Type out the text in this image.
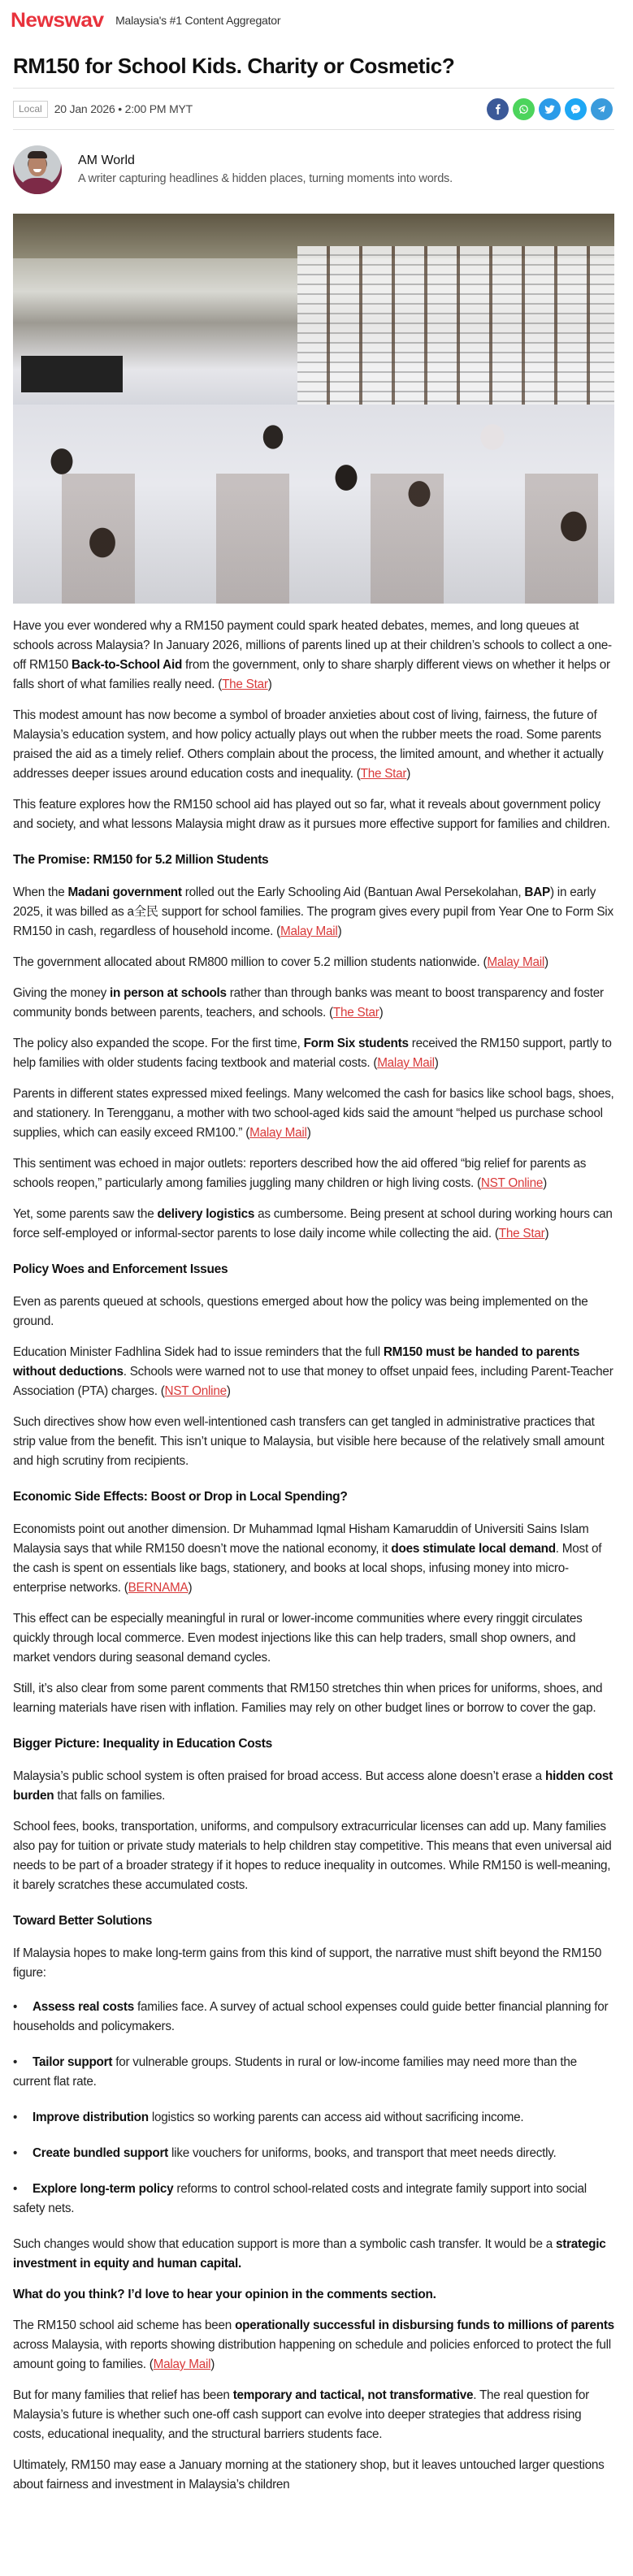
Newswav Malaysia's #1 Content Aggregator
RM150 for School Kids. Charity or Cosmetic?
Local	20 Jan 2026 • 2:00 PM MYT
AM World
A writer capturing headlines & hidden places, turning moments into words.

Have you ever wondered why a RM150 payment could spark heated debates, memes, and long queues at schools across Malaysia? In January 2026, millions of parents lined up at their children’s schools to collect a one-off RM150 Back-to-School Aid from the government, only to share sharply different views on whether it helps or falls short of what families really need. (The Star)

This modest amount has now become a symbol of broader anxieties about cost of living, fairness, the future of Malaysia’s education system, and how policy actually plays out when the rubber meets the road. Some parents praised the aid as a timely relief. Others complain about the process, the limited amount, and whether it actually addresses deeper issues around education costs and inequality. (The Star)

This feature explores how the RM150 school aid has played out so far, what it reveals about government policy and society, and what lessons Malaysia might draw as it pursues more effective support for families and children.

The Promise: RM150 for 5.2 Million Students

When the Madani government rolled out the Early Schooling Aid (Bantuan Awal Persekolahan, BAP) in early 2025, it was billed as a全民 support for school families. The program gives every pupil from Year One to Form Six RM150 in cash, regardless of household income. (Malay Mail)

The government allocated about RM800 million to cover 5.2 million students nationwide. (Malay Mail)

Giving the money in person at schools rather than through banks was meant to boost transparency and foster community bonds between parents, teachers, and schools. (The Star)

The policy also expanded the scope. For the first time, Form Six students received the RM150 support, partly to help families with older students facing textbook and material costs. (Malay Mail)

Parents in different states expressed mixed feelings. Many welcomed the cash for basics like school bags, shoes, and stationery. In Terengganu, a mother with two school-aged kids said the amount “helped us purchase school supplies, which can easily exceed RM100.” (Malay Mail)

This sentiment was echoed in major outlets: reporters described how the aid offered “big relief for parents as schools reopen,” particularly among families juggling many children or high living costs. (NST Online)

Yet, some parents saw the delivery logistics as cumbersome. Being present at school during working hours can force self-employed or informal-sector parents to lose daily income while collecting the aid. (The Star)

Policy Woes and Enforcement Issues

Even as parents queued at schools, questions emerged about how the policy was being implemented on the ground.

Education Minister Fadhlina Sidek had to issue reminders that the full RM150 must be handed to parents without deductions. Schools were warned not to use that money to offset unpaid fees, including Parent-Teacher Association (PTA) charges. (NST Online)

Such directives show how even well-intentioned cash transfers can get tangled in administrative practices that strip value from the benefit. This isn’t unique to Malaysia, but visible here because of the relatively small amount and high scrutiny from recipients.

Economic Side Effects: Boost or Drop in Local Spending?

Economists point out another dimension. Dr Muhammad Iqmal Hisham Kamaruddin of Universiti Sains Islam Malaysia says that while RM150 doesn’t move the national economy, it does stimulate local demand. Most of the cash is spent on essentials like bags, stationery, and books at local shops, infusing money into micro-enterprise networks. (BERNAMA)

This effect can be especially meaningful in rural or lower-income communities where every ringgit circulates quickly through local commerce. Even modest injections like this can help traders, small shop owners, and market vendors during seasonal demand cycles.

Still, it’s also clear from some parent comments that RM150 stretches thin when prices for uniforms, shoes, and learning materials have risen with inflation. Families may rely on other budget lines or borrow to cover the gap.

Bigger Picture: Inequality in Education Costs

Malaysia’s public school system is often praised for broad access. But access alone doesn’t erase a hidden cost burden that falls on families.

School fees, books, transportation, uniforms, and compulsory extracurricular licenses can add up. Many families also pay for tuition or private study materials to help children stay competitive. This means that even universal aid needs to be part of a broader strategy if it hopes to reduce inequality in outcomes. While RM150 is well-meaning, it barely scratches these accumulated costs.

Toward Better Solutions

If Malaysia hopes to make long-term gains from this kind of support, the narrative must shift beyond the RM150 figure:

• Assess real costs families face. A survey of actual school expenses could guide better financial planning for households and policymakers.
• Tailor support for vulnerable groups. Students in rural or low-income families may need more than the current flat rate.
• Improve distribution logistics so working parents can access aid without sacrificing income.
• Create bundled support like vouchers for uniforms, books, and transport that meet needs directly.
• Explore long-term policy reforms to control school-related costs and integrate family support into social safety nets.

Such changes would show that education support is more than a symbolic cash transfer. It would be a strategic investment in equity and human capital.

What do you think? I’d love to hear your opinion in the comments section.

The RM150 school aid scheme has been operationally successful in disbursing funds to millions of parents across Malaysia, with reports showing distribution happening on schedule and policies enforced to protect the full amount going to families. (Malay Mail)

But for many families that relief has been temporary and tactical, not transformative. The real question for Malaysia’s future is whether such one-off cash support can evolve into deeper strategies that address rising costs, educational inequality, and the structural barriers students face.

Ultimately, RM150 may ease a January morning at the stationery shop, but it leaves untouched larger questions about fairness and investment in Malaysia’s children
